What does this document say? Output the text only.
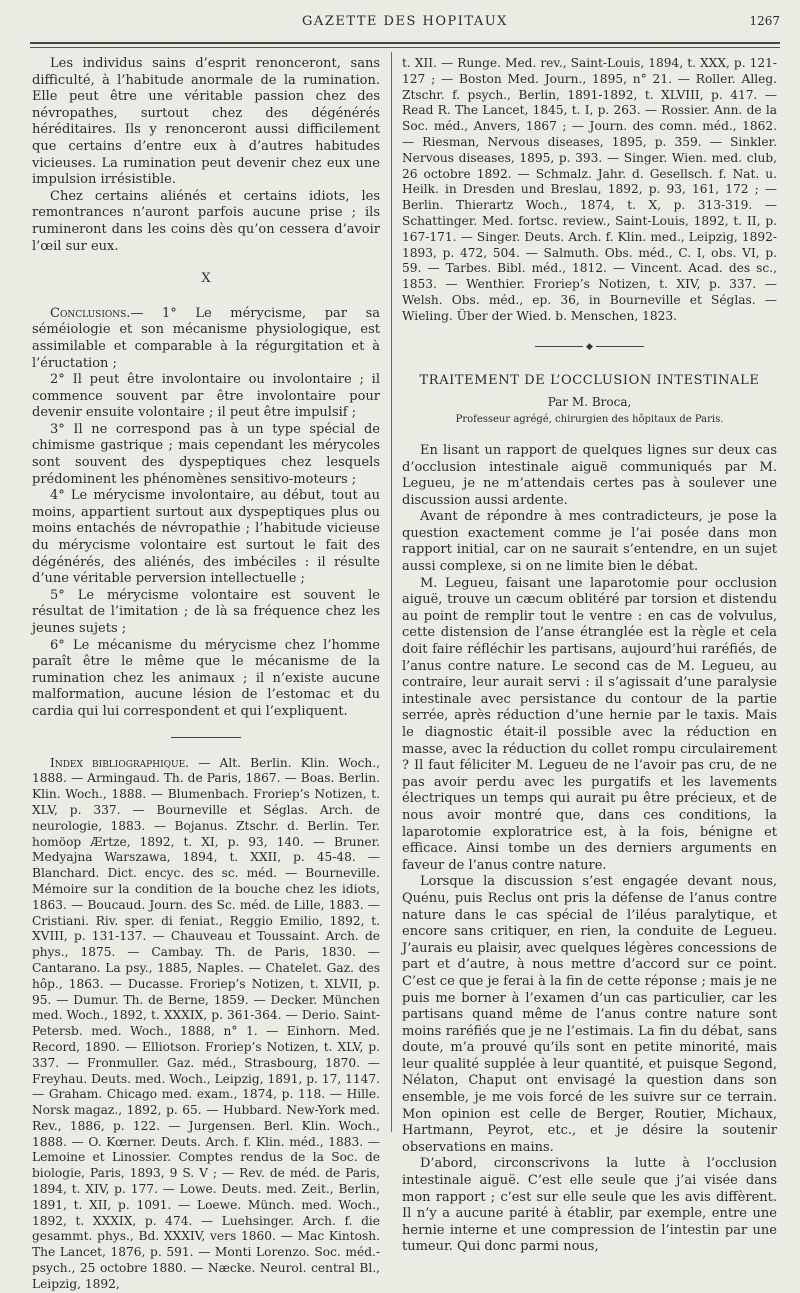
GAZETTE DES HOPITAUX	1267

Les individus sains d’esprit renonceront, sans difficulté, à l’habitude anormale de la rumination. Elle peut être une véritable passion chez des névropathes, surtout chez des dégénérés héréditaires. Ils y renonceront aussi difficilement que certains d’entre eux à d’autres habitudes vicieuses. La rumination peut devenir chez eux une impulsion irrésistible.

Chez certains aliénés et certains idiots, les remontrances n’auront parfois aucune prise ; ils rumineront dans les coins dès qu’on cessera d’avoir l’œil sur eux.

X

Conclusions.— 1° Le mérycisme, par sa séméiologie et son mécanisme physiologique, est assimilable et comparable à la régurgitation et à l’éructation ;

2° Il peut être involontaire ou involontaire ; il commence souvent par être involontaire pour devenir ensuite volontaire ; il peut être impulsif ;

3° Il ne correspond pas à un type spécial de chimisme gastrique ; mais cependant les mérycoles sont souvent des dyspeptiques chez lesquels prédominent les phénomènes sensitivo-moteurs ;

4° Le mérycisme involontaire, au début, tout au moins, appartient surtout aux dyspeptiques plus ou moins entachés de névropathie ; l’habitude vicieuse du mérycisme volontaire est surtout le fait des dégénérés, des aliénés, des imbéciles : il résulte d’une véritable perversion intellectuelle ;

5° Le mérycisme volontaire est souvent le résultat de l’imitation ; de là sa fréquence chez les jeunes sujets ;

6° Le mécanisme du mérycisme chez l’homme paraît être le même que le mécanisme de la rumination chez les animaux ; il n’existe aucune malformation, aucune lésion de l’estomac et du cardia qui lui correspondent et qui l’expliquent.

Index bibliographique. — Alt. Berlin. Klin. Woch., 1888. — Armingaud. Th. de Paris, 1867. — Boas. Berlin. Klin. Woch., 1888. — Blumenbach. Froriep’s Notizen, t. XLV, p. 337. — Bourneville et Séglas. Arch. de neurologie, 1883. — Bojanus. Ztschr. d. Berlin. Ter. homöop Ærtze, 1892, t. XI, p. 93, 140. — Bruner. Medyajna Warszawa, 1894, t. XXII, p. 45-48. — Blanchard. Dict. encyc. des sc. méd. — Bourneville. Mémoire sur la condition de la bouche chez les idiots, 1863. — Boucaud. Journ. des Sc. méd. de Lille, 1883. — Cristiani. Riv. sper. di feniat., Reggio Emilio, 1892, t. XVIII, p. 131-137. — Chauveau et Toussaint. Arch. de phys., 1875. — Cambay. Th. de Paris, 1830. — Cantarano. La psy., 1885, Naples. — Chatelet. Gaz. des hôp., 1863. — Ducasse. Froriep’s Notizen, t. XLVII, p. 95. — Dumur. Th. de Berne, 1859. — Decker. München med. Woch., 1892, t. XXXIX, p. 361-364. — Derio. Saint-Petersb. med. Woch., 1888, n° 1. — Einhorn. Med. Record, 1890. — Elliotson. Froriep’s Notizen, t. XLV, p. 337. — Fronmuller. Gaz. méd., Strasbourg, 1870. — Freyhau. Deuts. med. Woch., Leipzig, 1891, p. 17, 1147. — Graham. Chicago med. exam., 1874, p. 118. — Hille. Norsk magaz., 1892, p. 65. — Hubbard. New-York med. Rev., 1886, p. 122. — Jurgensen. Berl. Klin. Woch., 1888. — O. Kœrner. Deuts. Arch. f. Klin. méd., 1883. — Lemoine et Linossier. Comptes rendus de la Soc. de biologie, Paris, 1893, 9 S. V ; — Rev. de méd. de Paris, 1894, t. XIV, p. 177. — Lowe. Deuts. med. Zeit., Berlin, 1891, t. XII, p. 1091. — Loewe. Münch. med. Woch., 1892, t. XXXIX, p. 474. — Luehsinger. Arch. f. die gesammt. phys., Bd. XXXIV, vers 1860. — Mac Kintosh. The Lancet, 1876, p. 591. — Monti Lorenzo. Soc. méd.-psych., 25 octobre 1880. — Næcke. Neurol. central Bl., Leipzig, 1892,

t. XII. — Runge. Med. rev., Saint-Louis, 1894, t. XXX, p. 121-127 ; — Boston Med. Journ., 1895, n° 21. — Roller. Alleg. Ztschr. f. psych., Berlin, 1891-1892, t. XLVIII, p. 417. — Read R. The Lancet, 1845, t. I, p. 263. — Rossier. Ann. de la Soc. méd., Anvers, 1867 ; — Journ. des comn. méd., 1862. — Riesman, Nervous diseases, 1895, p. 359. — Sinkler. Nervous diseases, 1895, p. 393. — Singer. Wien. med. club, 26 octobre 1892. — Schmalz. Jahr. d. Gesellsch. f. Nat. u. Heilk. in Dresden und Breslau, 1892, p. 93, 161, 172 ; — Berlin. Thierartz Woch., 1874, t. X, p. 313-319. — Schattinger. Med. fortsc. review., Saint-Louis, 1892, t. II, p. 167-171. — Singer. Deuts. Arch. f. Klin. med., Leipzig, 1892-1893, p. 472, 504. — Salmuth. Obs. méd., C. I, obs. VI, p. 59. — Tarbes. Bibl. méd., 1812. — Vincent. Acad. des sc., 1853. — Wenthier. Froriep’s Notizen, t. XIV, p. 337. — Welsh. Obs. méd., ep. 36, in Bourneville et Séglas. — Wieling. Über der Wied. b. Menschen, 1823.

◆
TRAITEMENT DE L’OCCLUSION INTESTINALE
Par M. Broca,
Professeur agrégé, chirurgien des hôpitaux de Paris.

En lisant un rapport de quelques lignes sur deux cas d’occlusion intestinale aiguë communiqués par M. Legueu, je ne m’attendais certes pas à soulever une discussion aussi ardente.

Avant de répondre à mes contradicteurs, je pose la question exactement comme je l’ai posée dans mon rapport initial, car on ne saurait s’entendre, en un sujet aussi complexe, si on ne limite bien le débat.

M. Legueu, faisant une laparotomie pour occlusion aiguë, trouve un cæcum oblitéré par torsion et distendu au point de remplir tout le ventre : en cas de volvulus, cette distension de l’anse étranglée est la règle et cela doit faire réfléchir les partisans, aujourd’hui raréfiés, de l’anus contre nature. Le second cas de M. Legueu, au contraire, leur aurait servi : il s’agissait d’une paralysie intestinale avec persistance du contour de la partie serrée, après réduction d’une hernie par le taxis. Mais le diagnostic était-il possible avec la réduction en masse, avec la réduction du collet rompu circulairement ? Il faut féliciter M. Legueu de ne l’avoir pas cru, de ne pas avoir perdu avec les purgatifs et les lavements électriques un temps qui aurait pu être précieux, et de nous avoir montré que, dans ces conditions, la laparotomie exploratrice est, à la fois, bénigne et efficace. Ainsi tombe un des derniers arguments en faveur de l’anus contre nature.

Lorsque la discussion s’est engagée devant nous, Quénu, puis Reclus ont pris la défense de l’anus contre nature dans le cas spécial de l’iléus paralytique, et encore sans critiquer, en rien, la conduite de Legueu. J’aurais eu plaisir, avec quelques légères concessions de part et d’autre, à nous mettre d’accord sur ce point. C’est ce que je ferai à la fin de cette réponse ; mais je ne puis me borner à l’examen d’un cas particulier, car les partisans quand même de l’anus contre nature sont moins raréfiés que je ne l’estimais. La fin du débat, sans doute, m’a prouvé qu’ils sont en petite minorité, mais leur qualité supplée à leur quantité, et puisque Segond, Nélaton, Chaput ont envisagé la question dans son ensemble, je me vois forcé de les suivre sur ce terrain. Mon opinion est celle de Berger, Routier, Michaux, Hartmann, Peyrot, etc., et je désire la soutenir observations en mains.

D’abord, circonscrivons la lutte à l’occlusion intestinale aiguë. C’est elle seule que j’ai visée dans mon rapport ; c’est sur elle seule que les avis diffèrent. Il n’y a aucune parité à établir, par exemple, entre une hernie interne et une compression de l’intestin par une tumeur. Qui donc parmi nous,
